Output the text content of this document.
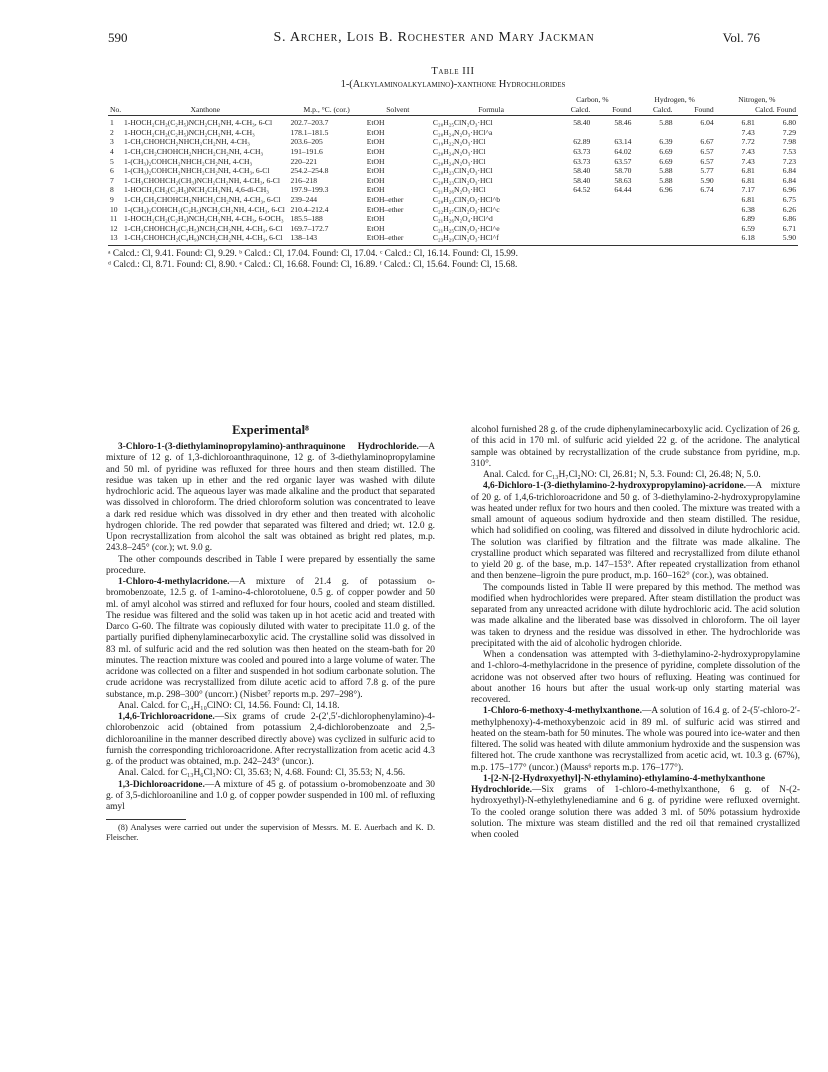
590	S. Archer, Lois B. Rochester and Mary Jackman	Vol. 76
Table III
1-(Alkylaminoalkylamino)-xanthone Hydrochlorides
					Carbon, %		Hydrogen, %		Nitrogen, %	
No.	Xanthone	M.p., °C. (cor.)	Solvent	Formula	Calcd.	Found	Calcd.	Found	Calcd. Found	
1	1-HOCH₂CH₂(C₂H₅)NCH₂CH₂NH, 4-CH₃, 6-Cl	202.7–203.7	EtOH	C₂₀H₂₅ClN₂O₃·HCl	58.40	58.46	5.88	6.04	6.81	6.80
2	1-HOCH₂CH₂(C₂H₅)NCH₂CH₂NH, 4-CH₃	178.1–181.5	EtOH	C₂₀H₂₄N₂O₃·HCl^a					7.43	7.29
3	1-CH₃CHOHCH₂NHCH₂CH₂NH, 4-CH₃	203.6–205	EtOH	C₁₉H₂₂N₂O₃·HCl	62.89	63.14	6.39	6.67	7.72	7.98
4	1-CH₃CH₂CHOHCH₂NHCH₂CH₂NH, 4-CH₃	191–191.6	EtOH	C₂₀H₂₄N₂O₃·HCl	63.73	64.02	6.69	6.57	7.43	7.53
5	1-(CH₃)₂COHCH₂NHCH₂CH₂NH, 4-CH₃	220–221	EtOH	C₂₀H₂₄N₂O₃·HCl	63.73	63.57	6.69	6.57	7.43	7.23
6	1-(CH₃)₂COHCH₂NHCH₂CH₂NH, 4-CH₃, 6-Cl	254.2–254.8	EtOH	C₂₀H₂₃ClN₂O₃·HCl	58.40	58.70	5.88	5.77	6.81	6.84
7	1-CH₃CHOHCH₂(CH₃)NCH₂CH₂NH, 4-CH₃, 6-Cl	216–218	EtOH	C₂₀H₂₃ClN₂O₃·HCl	58.40	58.63	5.88	5.90	6.81	6.84
8	1-HOCH₂CH₂(C₂H₅)NCH₂CH₂NH, 4,6-di-CH₃	197.9–199.3	EtOH	C₂₁H₂₆N₂O₃·HCl	64.52	64.44	6.96	6.74	7.17	6.96
9	1-CH₃CH₂CHOHCH₂NHCH₂CH₂NH, 4-CH₃, 6-Cl	239–244	EtOH–ether	C₂₀H₂₃ClN₂O₃·HCl^b					6.81	6.75
10	1-(CH₃)₂COHCH₂(C₂H₅)NCH₂CH₂NH, 4-CH₃, 6-Cl	210.4–212.4	EtOH–ether	C₂₂H₂₇ClN₂O₃·HCl^c					6.38	6.26
11	1-HOCH₂CH₂(C₂H₅)NCH₂CH₂NH, 4-CH₃, 6-OCH₃	185.5–188	EtOH	C₂₁H₂₆N₂O₄·HCl^d					6.89	6.86
12	1-CH₃CHOHCH₂(C₂H₅)NCH₂CH₂NH, 4-CH₃, 6-Cl	169.7–172.7	EtOH	C₂₁H₂₅ClN₂O₃·HCl^e					6.59	6.71
13	1-CH₃CHOHCH₂(C₄H₉)NCH₂CH₂NH, 4-CH₃, 6-Cl	138–143	EtOH–ether	C₂₃H₂₉ClN₂O₃·HCl^f					6.18	5.90
ᵃ Calcd.: Cl, 9.41. Found: Cl, 9.29. ᵇ Calcd.: Cl, 17.04. Found: Cl, 17.04. ᶜ Calcd.: Cl, 16.14. Found: Cl, 15.99.
ᵈ Calcd.: Cl, 8.71. Found: Cl, 8.90. ᵉ Calcd.: Cl, 16.68. Found: Cl, 16.89. ᶠ Calcd.: Cl, 15.64. Found: Cl, 15.68.
Experimental⁸

3-Chloro-1-(3-diethylaminopropylamino)-anthraquinone Hydrochloride.—A mixture of 12 g. of 1,3-dichloroanthraquinone, 12 g. of 3-diethylaminopropylamine and 50 ml. of pyridine was refluxed for three hours and then steam distilled. The residue was taken up in ether and the red organic layer was washed with dilute hydrochloric acid. The aqueous layer was made alkaline and the product that separated was dissolved in chloroform. The dried chloroform solution was concentrated to leave a dark red residue which was dissolved in dry ether and then treated with alcoholic hydrogen chloride. The red powder that separated was filtered and dried; wt. 12.0 g. Upon recrystallization from alcohol the salt was obtained as bright red plates, m.p. 243.8–245° (cor.); wt. 9.0 g.

The other compounds described in Table I were prepared by essentially the same procedure.

1-Chloro-4-methylacridone.—A mixture of 21.4 g. of potassium o-bromobenzoate, 12.5 g. of 1-amino-4-chlorotoluene, 0.5 g. of copper powder and 50 ml. of amyl alcohol was stirred and refluxed for four hours, cooled and steam distilled. The residue was filtered and the solid was taken up in hot acetic acid and treated with Darco G-60. The filtrate was copiously diluted with water to precipitate 11.0 g. of the partially purified diphenylaminecarboxylic acid. The crystalline solid was dissolved in 83 ml. of sulfuric acid and the red solution was then heated on the steam-bath for 20 minutes. The reaction mixture was cooled and poured into a large volume of water. The acridone was collected on a filter and suspended in hot sodium carbonate solution. The crude acridone was recrystallized from dilute acetic acid to afford 7.8 g. of the pure substance, m.p. 298–300° (uncorr.) (Nisbet⁷ reports m.p. 297–298°).

Anal. Calcd. for C₁₄H₁₀ClNO: Cl, 14.56. Found: Cl, 14.18.

1,4,6-Trichloroacridone.—Six grams of crude 2-(2′,5′-dichlorophenylamino)-4-chlorobenzoic acid (obtained from potassium 2,4-dichlorobenzoate and 2,5-dichloroaniline in the manner described directly above) was cyclized in sulfuric acid to furnish the corresponding trichloroacridone. After recrystallization from acetic acid 4.3 g. of the product was obtained, m.p. 242–243° (uncor.).

Anal. Calcd. for C₁₃H₆Cl₃NO: Cl, 35.63; N, 4.68. Found: Cl, 35.53; N, 4.56.

1,3-Dichloroacridone.—A mixture of 45 g. of potassium o-bromobenzoate and 30 g. of 3,5-dichloroaniline and 1.0 g. of copper powder suspended in 100 ml. of refluxing amyl

(8) Analyses were carried out under the supervision of Messrs. M. E. Auerbach and K. D. Fleischer.

alcohol furnished 28 g. of the crude diphenylaminecarboxylic acid. Cyclization of 26 g. of this acid in 170 ml. of sulfuric acid yielded 22 g. of the acridone. The analytical sample was obtained by recrystallization of the crude substance from pyridine, m.p. 310°.

Anal. Calcd. for C₁₃H₇Cl₂NO: Cl, 26.81; N, 5.3. Found: Cl, 26.48; N, 5.0.

4,6-Dichloro-1-(3-diethylamino-2-hydroxypropylamino)-acridone.—A mixture of 20 g. of 1,4,6-trichloroacridone and 50 g. of 3-diethylamino-2-hydroxypropylamine was heated under reflux for two hours and then cooled. The mixture was treated with a small amount of aqueous sodium hydroxide and then steam distilled. The residue, which had solidified on cooling, was filtered and dissolved in dilute hydrochloric acid. The solution was clarified by filtration and the filtrate was made alkaline. The crystalline product which separated was filtered and recrystallized from dilute ethanol to yield 20 g. of the base, m.p. 147–153°. After repeated crystallization from ethanol and then benzene–ligroin the pure product, m.p. 160–162° (cor.), was obtained.

The compounds listed in Table II were prepared by this method. The method was modified when hydrochlorides were prepared. After steam distillation the product was separated from any unreacted acridone with dilute hydrochloric acid. The acid solution was made alkaline and the liberated base was dissolved in chloroform. The oil layer was taken to dryness and the residue was dissolved in ether. The hydrochloride was precipitated with the aid of alcoholic hydrogen chloride.

When a condensation was attempted with 3-diethylamino-2-hydroxypropylamine and 1-chloro-4-methylacridone in the presence of pyridine, complete dissolution of the acridone was not observed after two hours of refluxing. Heating was continued for about another 16 hours but after the usual work-up only starting material was recovered.

1-Chloro-6-methoxy-4-methylxanthone.—A solution of 16.4 g. of 2-(5′-chloro-2′-methylphenoxy)-4-methoxybenzoic acid in 89 ml. of sulfuric acid was stirred and heated on the steam-bath for 50 minutes. The whole was poured into ice-water and then filtered. The solid was heated with dilute ammonium hydroxide and the suspension was filtered hot. The crude xanthone was recrystallized from acetic acid, wt. 10.3 g. (67%), m.p. 175–177° (uncor.) (Mauss⁶ reports m.p. 176–177°).

1-[2-N-[2-Hydroxyethyl]-N-ethylamino)-ethylamino-4-methylxanthone Hydrochloride.—Six grams of 1-chloro-4-methylxanthone, 6 g. of N-(2-hydroxyethyl)-N-ethylethylenediamine and 6 g. of pyridine were refluxed overnight. To the cooled orange solution there was added 3 ml. of 50% potassium hydroxide solution. The mixture was steam distilled and the red oil that remained crystallized when cooled
